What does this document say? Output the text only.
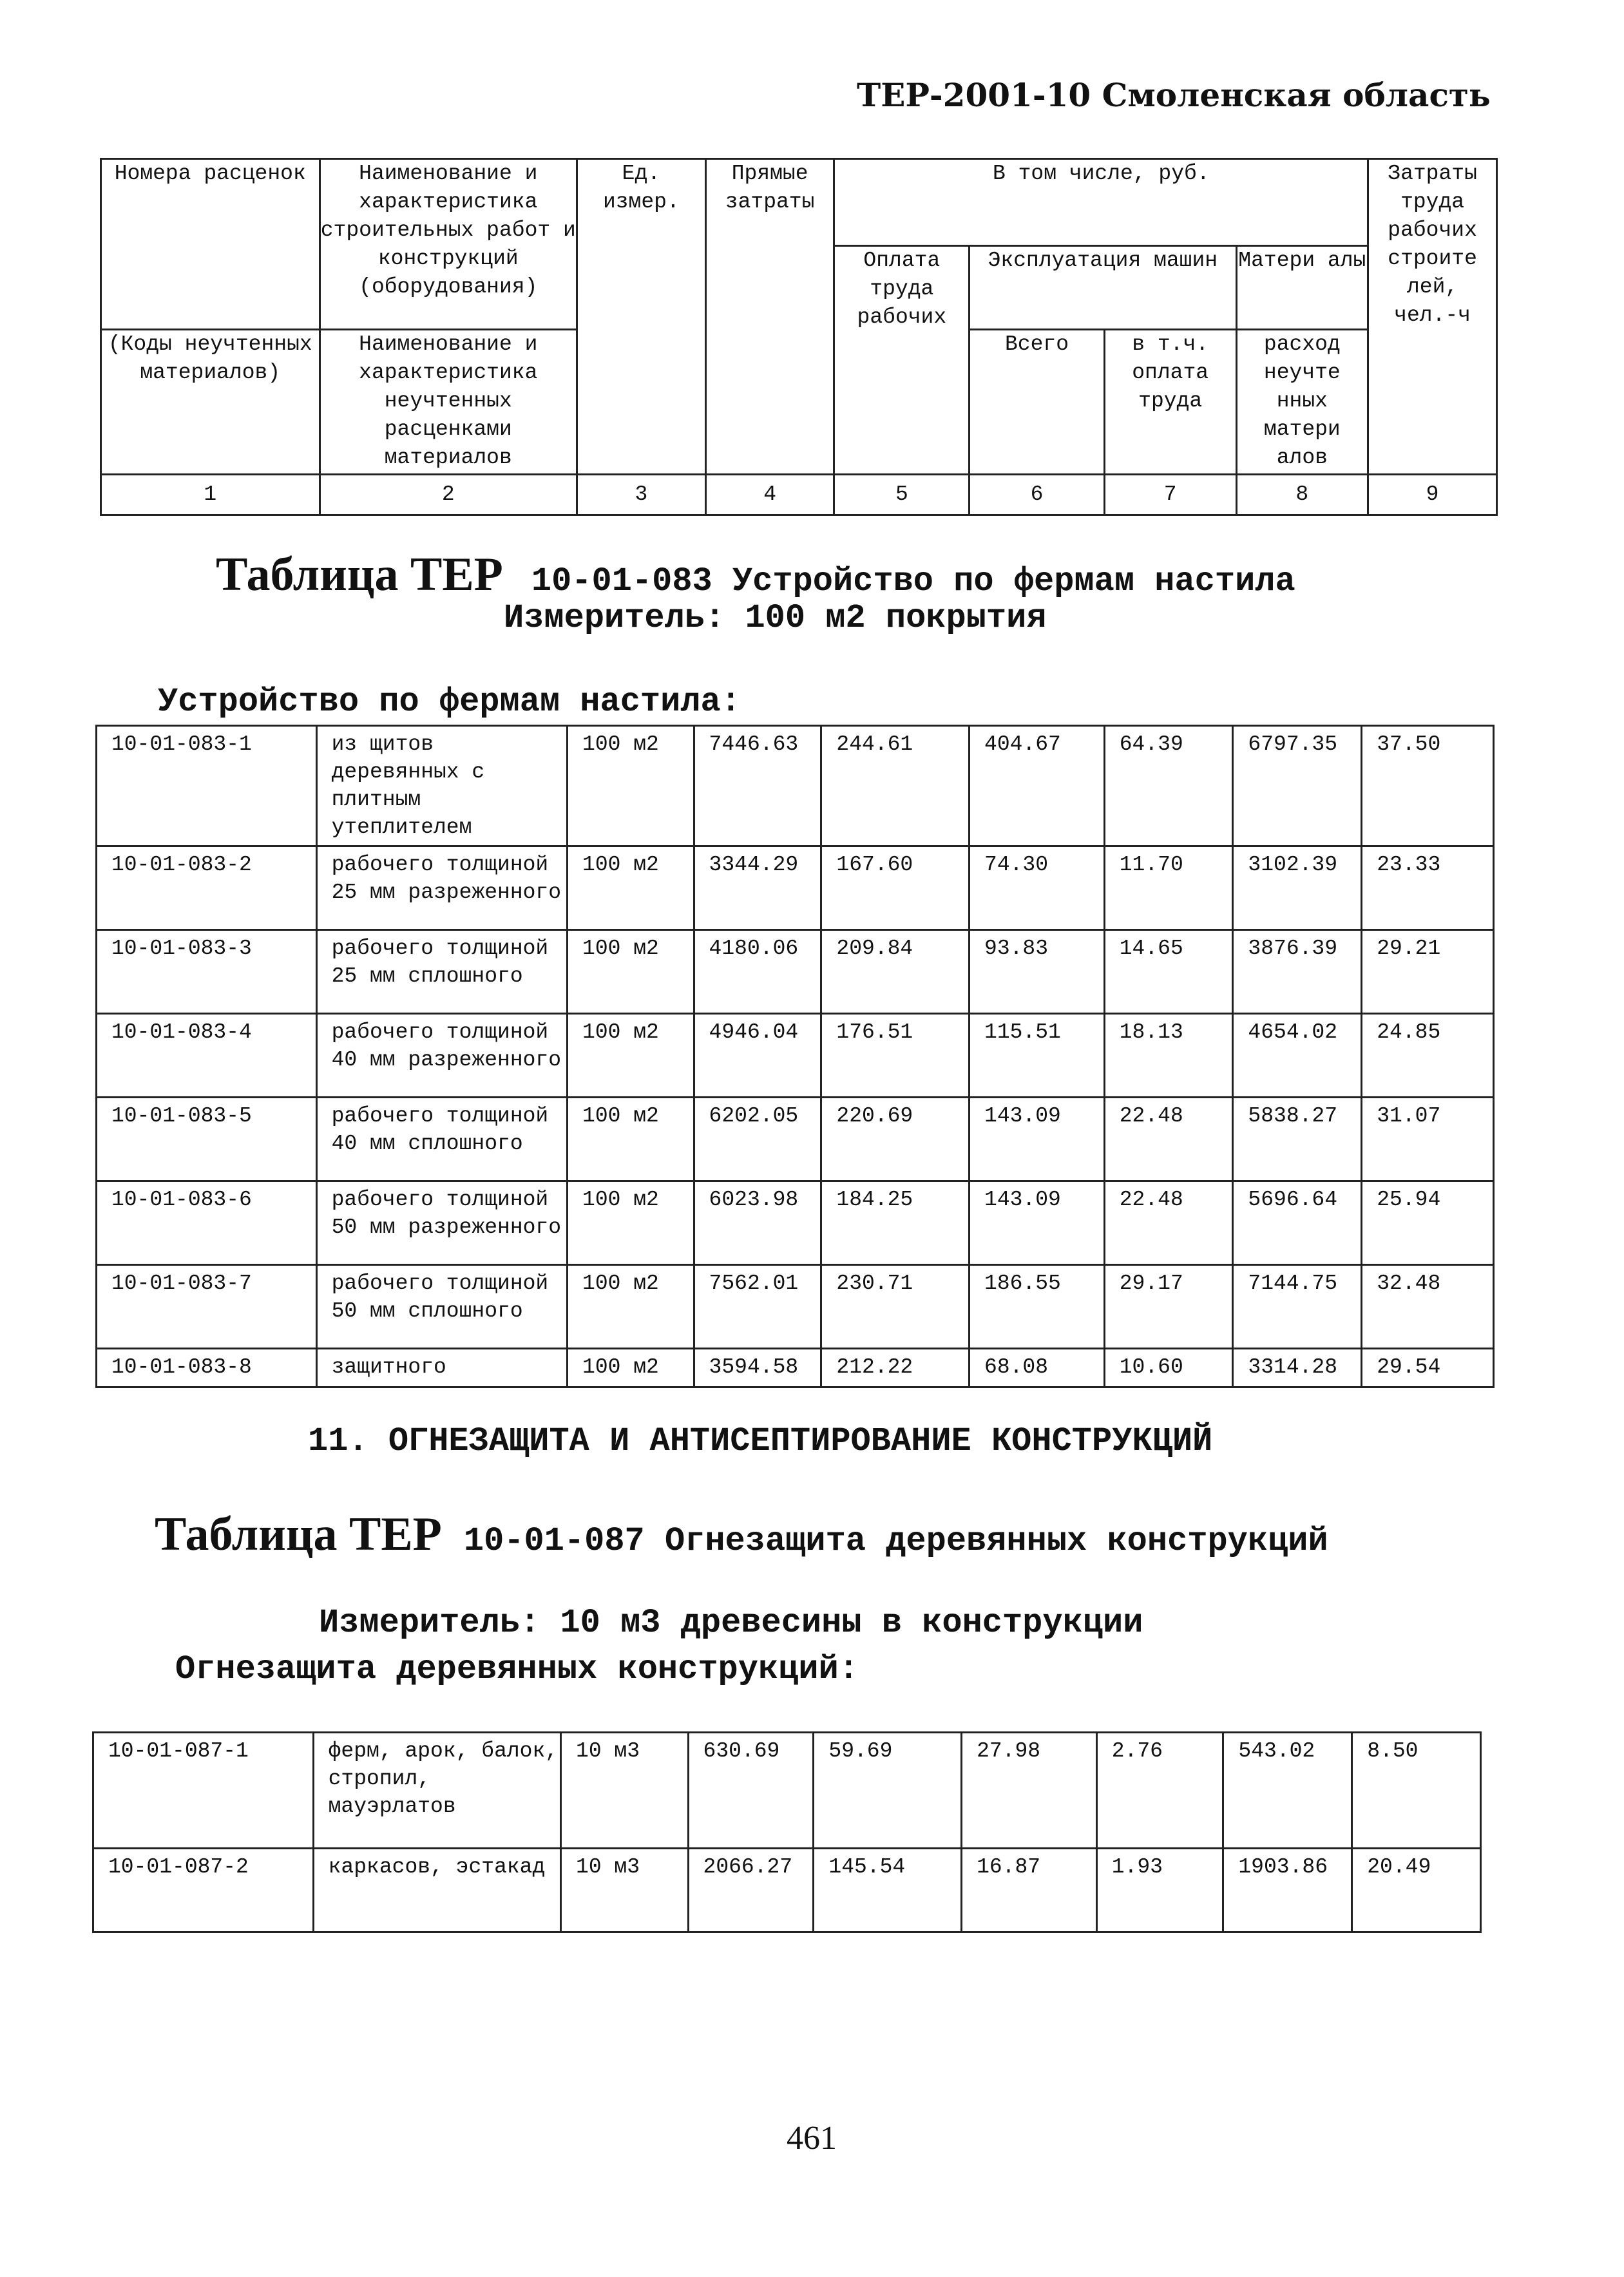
ТЕР-2001-10 Смоленская область
Номера расценок	Наименование и характеристика строительных работ и конструкций (оборудования)	Ед. измер.	Прямые затраты	В том числе, руб.				Затраты труда рабочих строите лей, чел.-ч
				Оплата труда рабочих	Эксплуатация машин		Матери алы	
(Коды неучтенных материалов)	Наименование и характеристика неучтенных расценками материалов				Всего	в т.ч. оплата труда	расход неучте нных матери алов	
1	2	3	4	5	6	7	8	9
Таблица ТЕР 10-01-083 Устройство по фермам настила
Измеритель: 100 м2 покрытия
Устройство по фермам настила:
10-01-083-1	из щитов деревянных с плитным утеплителем	100 м2	7446.63	244.61	404.67	64.39	6797.35	37.50
10-01-083-2	рабочего толщиной 25 мм разреженного	100 м2	3344.29	167.60	74.30	11.70	3102.39	23.33
10-01-083-3	рабочего толщиной 25 мм сплошного	100 м2	4180.06	209.84	93.83	14.65	3876.39	29.21
10-01-083-4	рабочего толщиной 40 мм разреженного	100 м2	4946.04	176.51	115.51	18.13	4654.02	24.85
10-01-083-5	рабочего толщиной 40 мм сплошного	100 м2	6202.05	220.69	143.09	22.48	5838.27	31.07
10-01-083-6	рабочего толщиной 50 мм разреженного	100 м2	6023.98	184.25	143.09	22.48	5696.64	25.94
10-01-083-7	рабочего толщиной 50 мм сплошного	100 м2	7562.01	230.71	186.55	29.17	7144.75	32.48
10-01-083-8	защитного	100 м2	3594.58	212.22	68.08	10.60	3314.28	29.54
11. ОГНЕЗАЩИТА И АНТИСЕПТИРОВАНИЕ КОНСТРУКЦИЙ
Таблица ТЕР 10-01-087 Огнезащита деревянных конструкций
Измеритель: 10 м3 древесины в конструкции
Огнезащита деревянных конструкций:
10-01-087-1	ферм, арок, балок, стропил, мауэрлатов	10 м3	630.69	59.69	27.98	2.76	543.02	8.50
10-01-087-2	каркасов, эстакад	10 м3	2066.27	145.54	16.87	1.93	1903.86	20.49
461
